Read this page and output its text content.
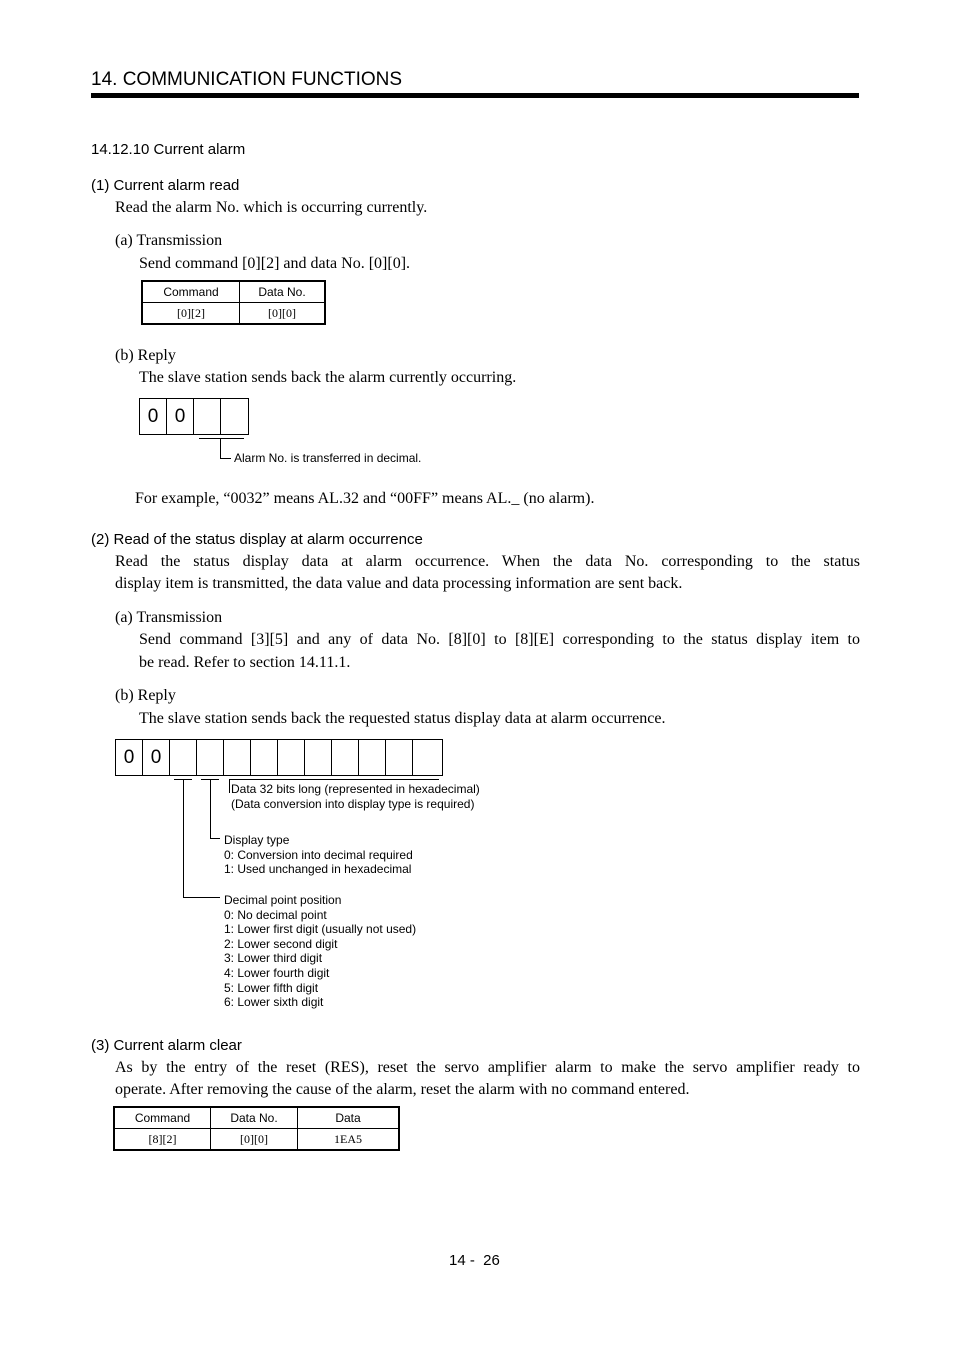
14. COMMUNICATION FUNCTIONS
14.12.10 Current alarm
(1) Current alarm read
Read the alarm No. which is occurring currently.
(a) Transmission
Send command [0][2] and data No. [0][0].
Command	Data No.
[0][2]	[0][0]
(b) Reply
The slave station sends back the alarm currently occurring.
0 0
Alarm No. is transferred in decimal.
For example, “0032” means AL.32 and “00FF” means AL._ (no alarm).
(2) Read of the status display at alarm occurrence
Read the status display data at alarm occurrence. When the data No. corresponding to the status
display item is transmitted, the data value and data processing information are sent back.
(a) Transmission
Send command [3][5] and any of data No. [8][0] to [8][E] corresponding to the status display item to
be read. Refer to section 14.11.1.
(b) Reply
The slave station sends back the requested status display data at alarm occurrence.
0 0
Data 32 bits long (represented in hexadecimal)
(Data conversion into display type is required)
Display type
0: Conversion into decimal required
1: Used unchanged in hexadecimal
Decimal point position
0: No decimal point
1: Lower first digit (usually not used)
2: Lower second digit
3: Lower third digit
4: Lower fourth digit
5: Lower fifth digit
6: Lower sixth digit
(3) Current alarm clear
As by the entry of the reset (RES), reset the servo amplifier alarm to make the servo amplifier ready to
operate. After removing the cause of the alarm, reset the alarm with no command entered.
Command	Data No.	Data
[8][2]	[0][0]	1EA5
14 -  26
